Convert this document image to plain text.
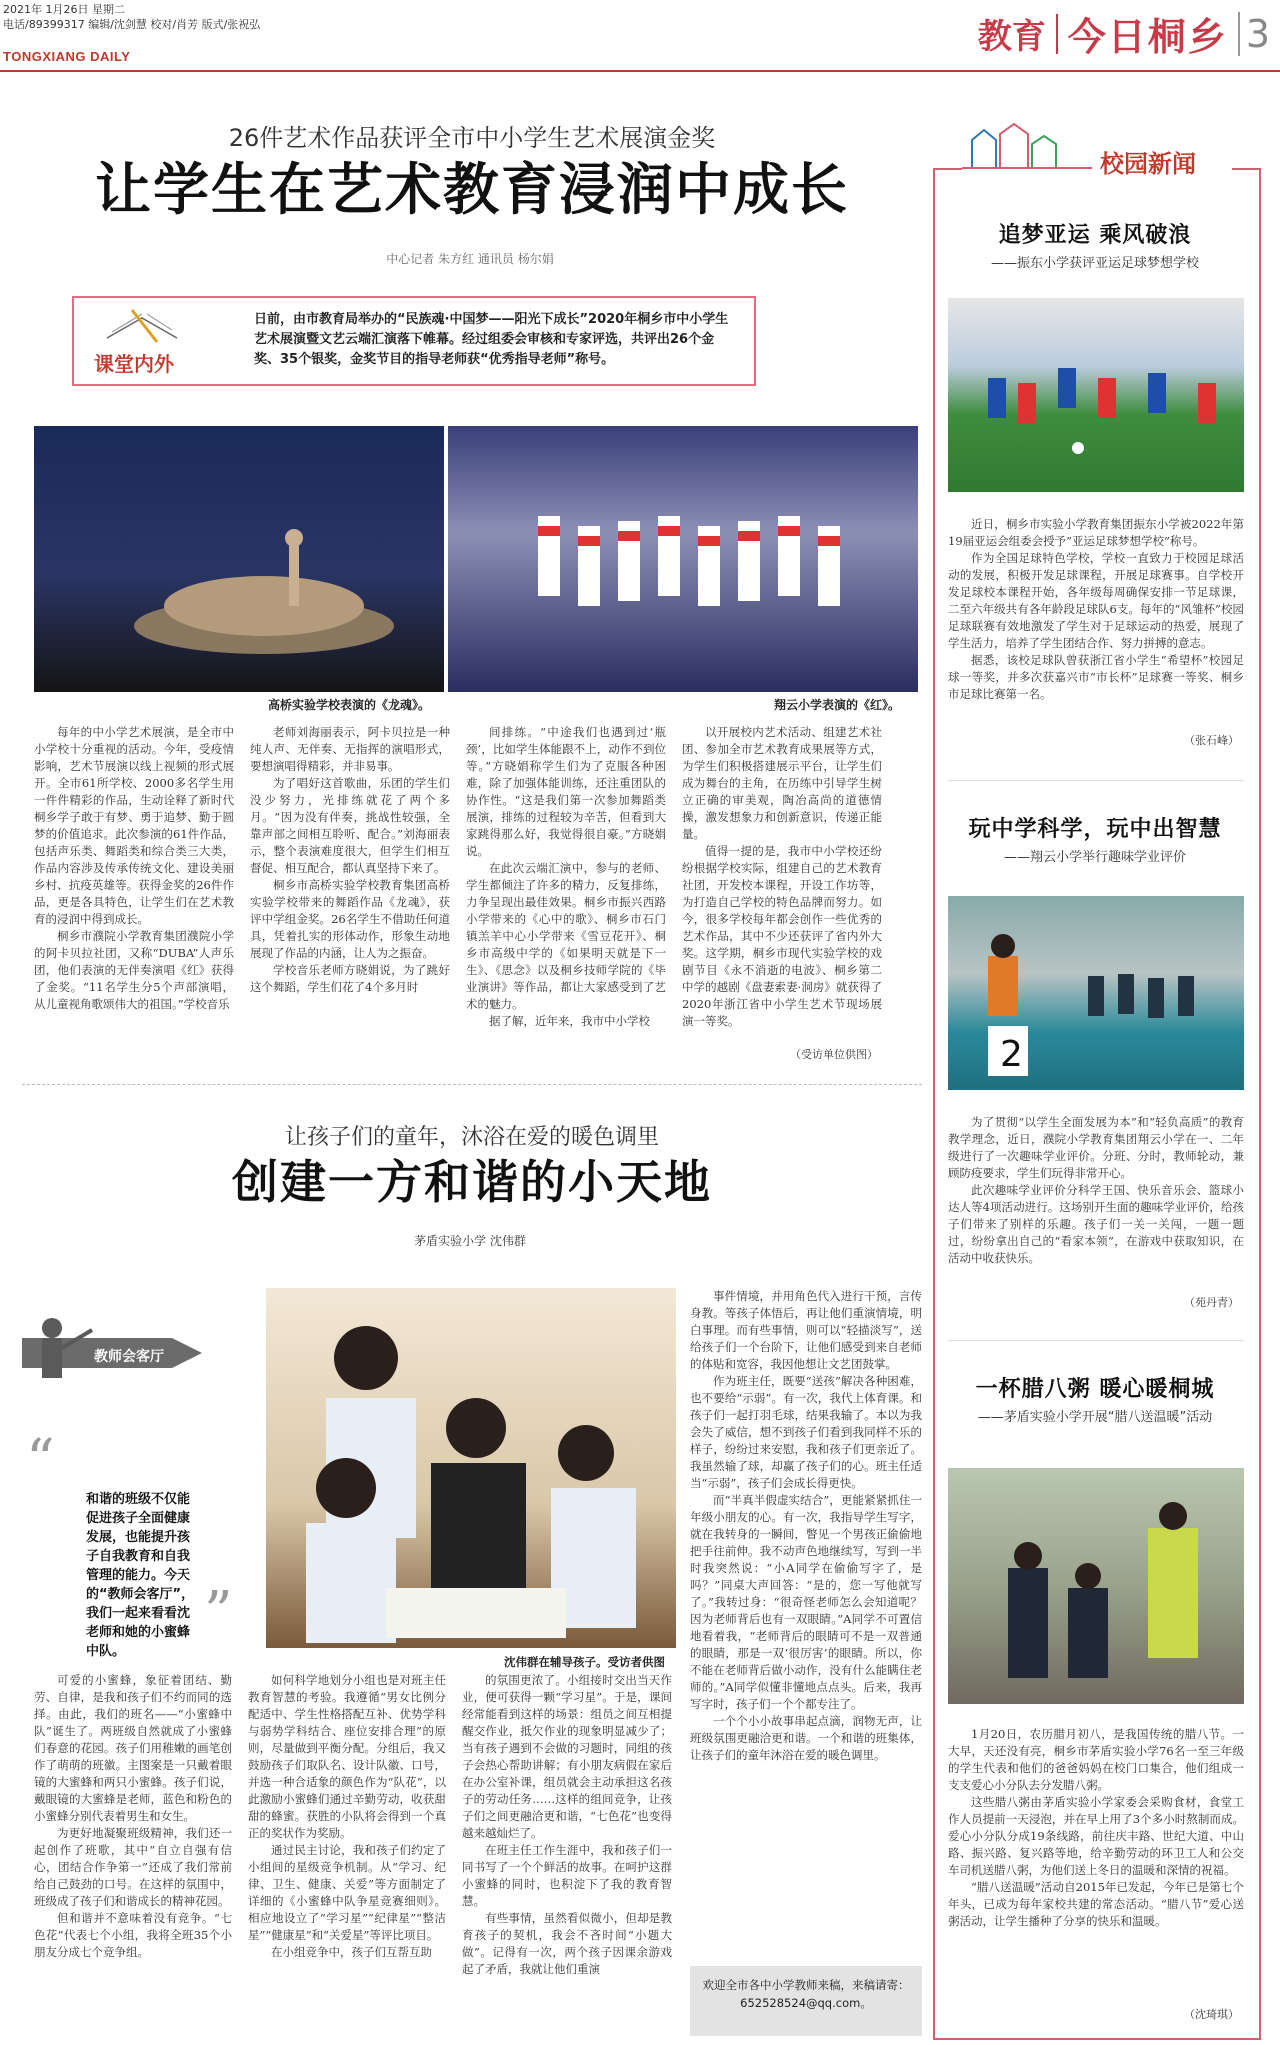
2021年 1月26日 星期二
电话/89399317 编辑/沈剑慧 校对/肖芳 版式/张祝弘
TONGXIANG DAILY	教育 今日桐乡 3
26件艺术作品获评全市中小学生艺术展演金奖
让学生在艺术教育浸润中成长
中心记者 朱方红 通讯员 杨尔娟
课堂内外
日前，由市教育局举办的“民族魂·中国梦——阳光下成长”2020年桐乡市中小学生艺术展演暨文艺云端汇演落下帷幕。经过组委会审核和专家评选，共评出26个金奖、35个银奖，金奖节目的指导老师获“优秀指导老师”称号。
高桥实验学校表演的《龙魂》。	翔云小学表演的《红》。

每年的中小学艺术展演，是全市中小学校十分重视的活动。今年，受疫情影响，艺术节展演以线上视频的形式展开。全市61所学校、2000多名学生用一件件精彩的作品，生动诠释了新时代桐乡学子敢于有梦、勇于追梦、勤于圆梦的价值追求。此次参演的61件作品，包括声乐类、舞蹈类和综合类三大类，作品内容涉及传承传统文化、建设美丽乡村、抗疫英雄等。获得金奖的26件作品，更是各具特色，让学生们在艺术教育的浸润中得到成长。

桐乡市濮院小学教育集团濮院小学的阿卡贝拉社团，又称“DUBA”人声乐团，他们表演的无伴奏演唱《红》获得了金奖。“11名学生分5个声部演唱，从儿童视角歌颂伟大的祖国。”学校音乐

老师刘海丽表示，阿卡贝拉是一种纯人声、无伴奏、无指挥的演唱形式，要想演唱得精彩，并非易事。

为了唱好这首歌曲，乐团的学生们没少努力，光排练就花了两个多月。“因为没有伴奏，挑战性较强，全靠声部之间相互聆听、配合。”刘海丽表示，整个表演难度很大，但学生们相互督促、相互配合，都认真坚持下来了。

桐乡市高桥实验学校教育集团高桥实验学校带来的舞蹈作品《龙魂》，获评中学组金奖。26名学生不借助任何道具，凭着扎实的形体动作，形象生动地展现了作品的内涵，让人为之振奋。

学校音乐老师方晓娟说，为了跳好这个舞蹈，学生们花了4个多月时

间排练。“中途我们也遇到过‘瓶颈’，比如学生体能跟不上，动作不到位等。”方晓娟称学生们为了克服各种困难，除了加强体能训练，还注重团队的协作性。“这是我们第一次参加舞蹈类展演，排练的过程较为辛苦，但看到大家跳得那么好，我觉得很自豪。”方晓娟说。

在此次云端汇演中，参与的老师、学生都倾注了许多的精力，反复排练，力争呈现出最佳效果。桐乡市振兴西路小学带来的《心中的歌》、桐乡市石门镇羔羊中心小学带来《雪豆花开》、桐乡市高级中学的《如果明天就是下一生》、《思念》以及桐乡技师学院的《毕业演讲》等作品，都让大家感受到了艺术的魅力。

据了解，近年来，我市中小学校

以开展校内艺术活动、组建艺术社团、参加全市艺术教育成果展等方式，为学生们积极搭建展示平台，让学生们成为舞台的主角，在历练中引导学生树立正确的审美观，陶冶高尚的道德情操，激发想象力和创新意识，传递正能量。

值得一提的是，我市中小学校还纷纷根据学校实际，组建自己的艺术教育社团，开发校本课程，开设工作坊等，为打造自己学校的特色品牌而努力。如今，很多学校每年都会创作一些优秀的艺术作品，其中不少还获评了省内外大奖。这学期，桐乡市现代实验学校的戏剧节目《永不消逝的电波》、桐乡第二中学的越剧《盘妻索妻·洞房》就获得了2020年浙江省中小学生艺术节现场展演一等奖。

（受访单位供图）
让孩子们的童年，沐浴在爱的暖色调里
创建一方和谐的小天地
茅盾实验小学 沈伟群
教师会客厅
“
和谐的班级不仅能促进孩子全面健康发展，也能提升孩子自我教育和自我管理的能力。今天的“教师会客厅”，我们一起来看看沈老师和她的小蜜蜂中队。
”
沈伟群在辅导孩子。受访者供图

可爱的小蜜蜂，象征着团结、勤劳、自律，是我和孩子们不约而同的选择。由此，我们的班名——“小蜜蜂中队”诞生了。两班级自然就成了小蜜蜂们春意的花园。孩子们用稚嫩的画笔创作了萌萌的班徽。主图案是一只戴着眼镜的大蜜蜂和两只小蜜蜂。孩子们说，戴眼镜的大蜜蜂是老师，蓝色和粉色的小蜜蜂分别代表着男生和女生。

为更好地凝聚班级精神，我们还一起创作了班歌，其中“自立自强有信心，团结合作争第一”还成了我们常前给自己鼓劲的口号。在这样的氛围中，班级成了孩子们和谐成长的精神花园。

但和谐并不意味着没有竞争。“七色花”代表七个小组，我将全班35个小朋友分成七个竞争组。

如何科学地划分小组也是对班主任教育智慧的考验。我遵循“男女比例分配适中、学生性格搭配互补、优势学科与弱势学科结合、座位安排合理”的原则，尽量做到平衡分配。分组后，我又鼓励孩子们取队名、设计队徽、口号，并选一种合适象的颜色作为“队花”，以此激励小蜜蜂们通过辛勤劳动，收获甜甜的蜂蜜。获胜的小队将会得到一个真正的奖状作为奖励。

通过民主讨论，我和孩子们约定了小组间的星级竞争机制。从“学习、纪律、卫生、健康、关爱”等方面制定了详细的《小蜜蜂中队争星竞赛细则》。相应地设立了“学习星”“纪律星”“整洁星”“健康星”和“关爱星”等评比项目。

在小组竞争中，孩子们互帮互助

的氛围更浓了。小组接时交出当天作业，便可获得一颗“学习星”。于是，课间经常能看到这样的场景：组员之间互相提醒交作业，抵欠作业的现象明显减少了；当有孩子遇到不会做的习题时，同组的孩子会热心帮助讲解；有小朋友病假在家后在办公室补课，组员就会主动承担这名孩子的劳动任务……这样的组间竞争，让孩子们之间更融洽更和谐，“七色花”也变得越来越灿烂了。

在班主任工作生涯中，我和孩子们一同书写了一个个鲜活的故事。在呵护这群小蜜蜂的同时，也积淀下了我的教育智慧。

有些事情，虽然看似微小，但却是教育孩子的契机，我会不吝时间“小题大做”。记得有一次，两个孩子因课余游戏起了矛盾，我就让他们重演

事件情境，并用角色代入进行干预，言传身教。等孩子体悟后，再让他们重演情境，明白事理。而有些事情，则可以“轻描淡写”，送给孩子们一个台阶下，让他们感受到来自老师的体贴和宽容，我因他想让文艺团鼓掌。

作为班主任，既要“送孩”解决各种困难，也不要给“示弱”。有一次，我代上体育课。和孩子们一起打羽毛球，结果我输了。本以为我会失了威信，想不到孩子们看到我同样不乐的样子，纷纷过来安慰，我和孩子们更亲近了。我虽然输了球，却赢了孩子们的心。班主任适当“示弱”，孩子们会成长得更快。

而“半真半假虚实结合”，更能紧紧抓住一年级小朋友的心。有一次，我指导学生写字，就在我转身的一瞬间，瞥见一个男孩正偷偷地把手往前伸。我不动声色地继续写，写到一半时我突然说：“小A同学在偷偷写字了，是吗？”同桌大声回答：“是的，您一写他就写了。”我转过身：“很奇怪老师怎么会知道呢？因为老师背后也有一双眼睛。”A同学不可置信地看着我，“老师背后的眼睛可不是一双普通的眼睛，那是一双‘很厉害’的眼睛。所以，你不能在老师背后做小动作，没有什么能瞒住老师的。”A同学似懂非懂地点点头。后来，我再写字时，孩子们一个个都专注了。

一个个小小故事串起点滴，润物无声，让班级氛围更融洽更和谐。一个和谐的班集体，让孩子们的童年沐浴在爱的暖色调里。

欢迎全市各中小学教师来稿，来稿请寄：652528524@qq.com。
校园新闻
追梦亚运 乘风破浪
——振东小学获评亚运足球梦想学校

近日，桐乡市实验小学教育集团振东小学被2022年第19届亚运会组委会授予“亚运足球梦想学校”称号。

作为全国足球特色学校，学校一直致力于校园足球活动的发展，积极开发足球课程，开展足球赛事。自学校开发足球校本课程开始，各年级每周确保安排一节足球课，二至六年级共有各年龄段足球队6支。每年的“风雏杯”校园足球联赛有效地激发了学生对于足球运动的热爱，展现了学生活力，培养了学生团结合作、努力拼搏的意志。

据悉，该校足球队曾获浙江省小学生“希望杯”校园足球一等奖，并多次获嘉兴市“市长杯”足球赛一等奖、桐乡市足球比赛第一名。

（张石峰）
玩中学科学，玩中出智慧
——翔云小学举行趣味学业评价
2

为了贯彻“以学生全面发展为本”和“轻负高质”的教育教学理念，近日，濮院小学教育集团翔云小学在一、二年级进行了一次趣味学业评价。分班、分时，教师轮动，兼顾防疫要求，学生们玩得非常开心。

此次趣味学业评价分科学王国、快乐音乐会、篮球小达人等4项活动进行。这场别开生面的趣味学业评价，给孩子们带来了别样的乐趣。孩子们一关一关闯，一题一题过，纷纷拿出自己的“看家本领”，在游戏中获取知识，在活动中收获快乐。

（苑丹青）
一杯腊八粥 暖心暖桐城
——茅盾实验小学开展“腊八送温暖”活动

1月20日，农历腊月初八，是我国传统的腊八节。一大早，天还没有亮，桐乡市茅盾实验小学76名一至三年级的学生代表和他们的爸爸妈妈在校门口集合，他们组成一支支爱心小分队去分发腊八粥。

这些腊八粥由茅盾实验小学家委会采购食材，食堂工作人员提前一天浸泡，并在早上用了3个多小时熬制而成。爱心小分队分成19条线路，前往庆丰路、世纪大道、中山路、振兴路、复兴路等地，给辛勤劳动的环卫工人和公交车司机送腊八粥，为他们送上冬日的温暖和深情的祝福。

“腊八送温暖”活动自2015年已发起，今年已是第七个年头，已成为每年家校共建的常态活动。“腊八节”爱心送粥活动，让学生播种了分享的快乐和温暖。

（沈琦琪）
